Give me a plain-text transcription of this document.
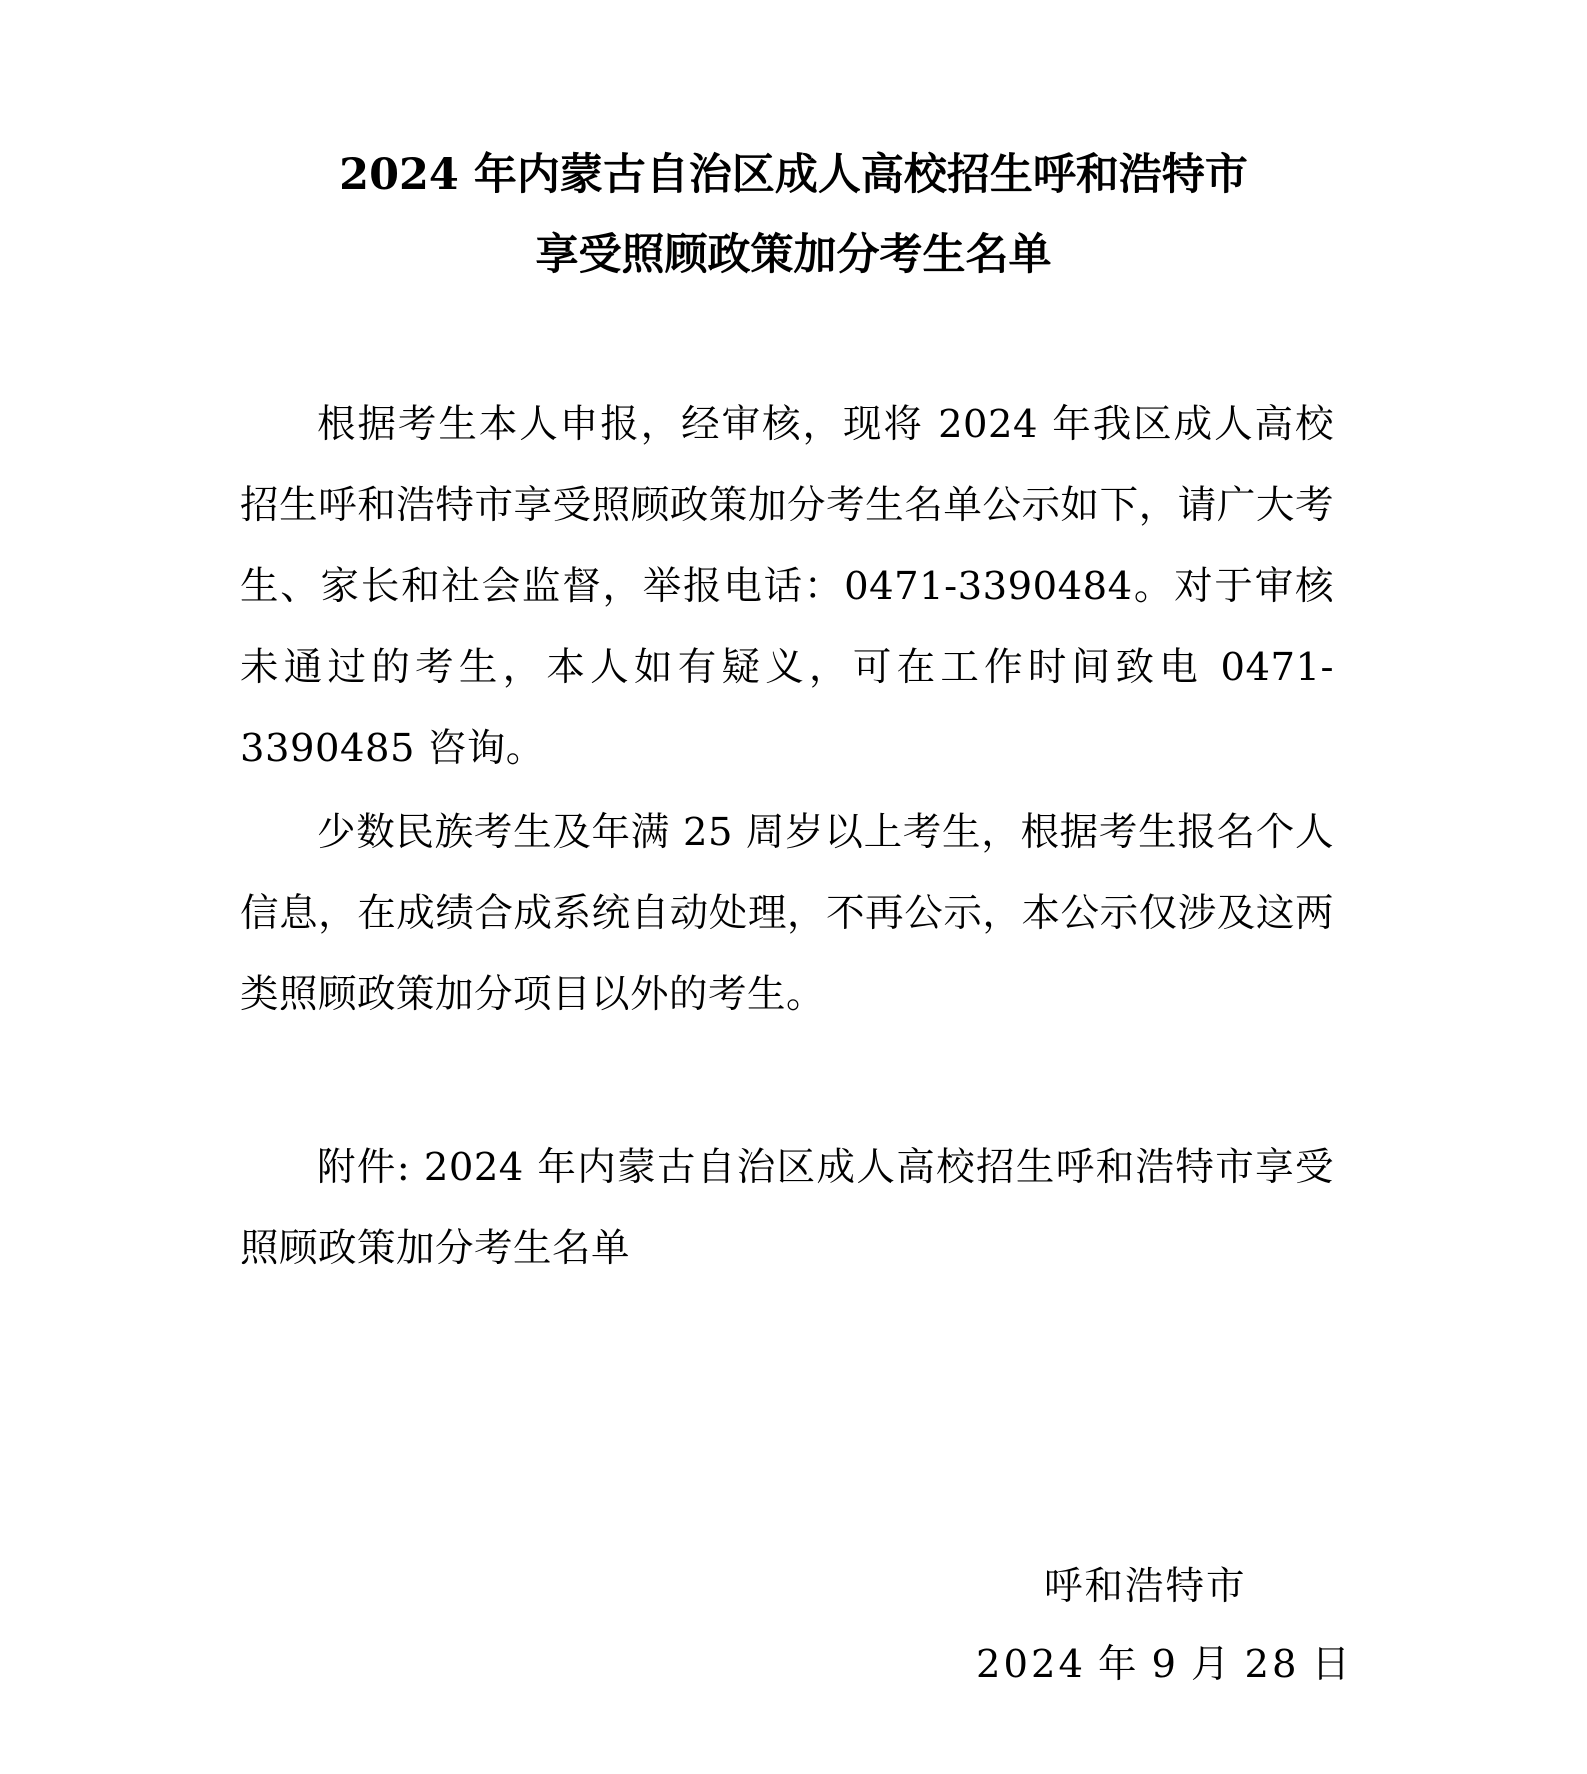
2024 年内蒙古自治区成人高校招生呼和浩特市
享受照顾政策加分考生名单

根据考生本人申报，经审核，现将 2024 年我区成人高校招生呼和浩特市享受照顾政策加分考生名单公示如下，请广大考生、家长和社会监督，举报电话：0471-3390484。对于审核未通过的考生，本人如有疑义，可在工作时间致电 0471-3390485 咨询。

少数民族考生及年满 25 周岁以上考生，根据考生报名个人信息，在成绩合成系统自动处理，不再公示，本公示仅涉及这两类照顾政策加分项目以外的考生。

附件: 2024 年内蒙古自治区成人高校招生呼和浩特市享受照顾政策加分考生名单

呼和浩特市
2024 年 9 月 28 日
